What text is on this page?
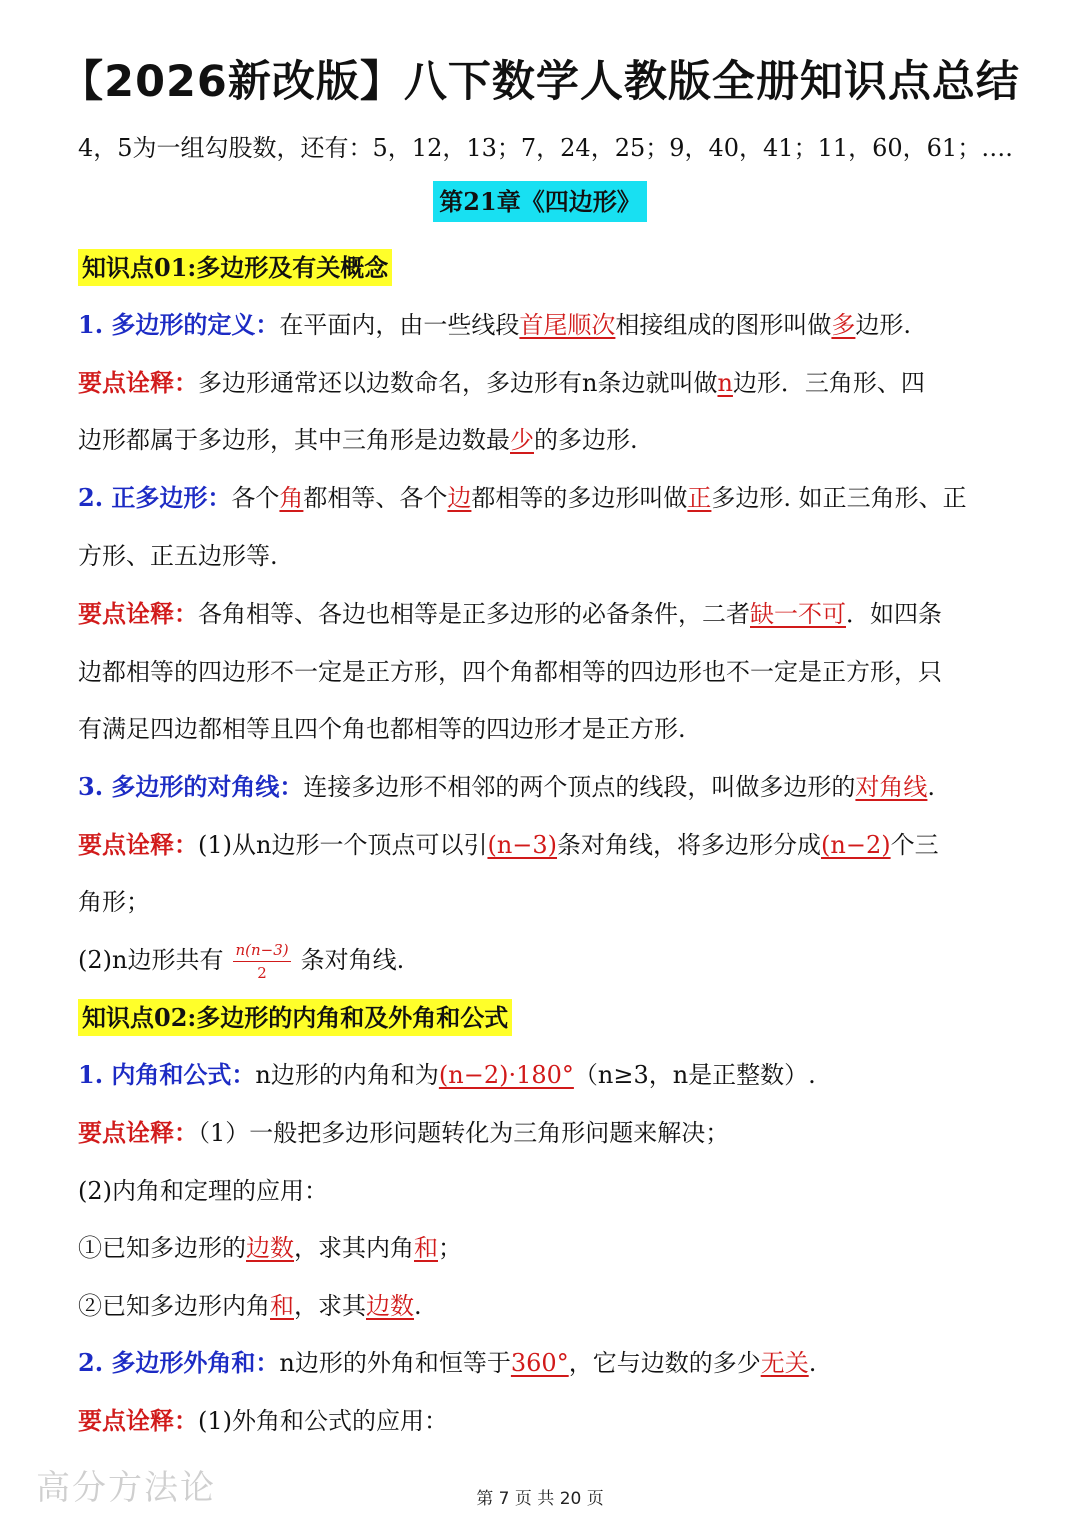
【2026新改版】八下数学人教版全册知识点总结
4，5为一组勾股数，还有：5，12，13；7，24，25；9，40，41；11，60，61；….
第21章《四边形》
知识点01:多边形及有关概念
1. 多边形的定义：在平面内，由一些线段首尾顺次相接组成的图形叫做多边形.
要点诠释：多边形通常还以边数命名，多边形有n条边就叫做n边形．三角形、四
边形都属于多边形，其中三角形是边数最少的多边形.
2. 正多边形：各个角都相等、各个边都相等的多边形叫做正多边形. 如正三角形、正
方形、正五边形等.
要点诠释：各角相等、各边也相等是正多边形的必备条件，二者缺一不可．如四条
边都相等的四边形不一定是正方形，四个角都相等的四边形也不一定是正方形，只
有满足四边都相等且四个角也都相等的四边形才是正方形.
3. 多边形的对角线：连接多边形不相邻的两个顶点的线段，叫做多边形的对角线.
要点诠释：(1)从n边形一个顶点可以引(n−3)条对角线，将多边形分成(n−2)个三
角形；
(2)n边形共有 $\frac{n(n-3)}{2}$ 条对角线.
知识点02:多边形的内角和及外角和公式
1. 内角和公式：n边形的内角和为(n−2)·180°（n≥3，n是正整数）.
要点诠释：（1）一般把多边形问题转化为三角形问题来解决；
(2)内角和定理的应用：
①已知多边形的边数，求其内角和；
②已知多边形内角和，求其边数.
2. 多边形外角和：n边形的外角和恒等于360°，它与边数的多少无关.
要点诠释：(1)外角和公式的应用：
高分方法论	第 7 页 共 20 页
